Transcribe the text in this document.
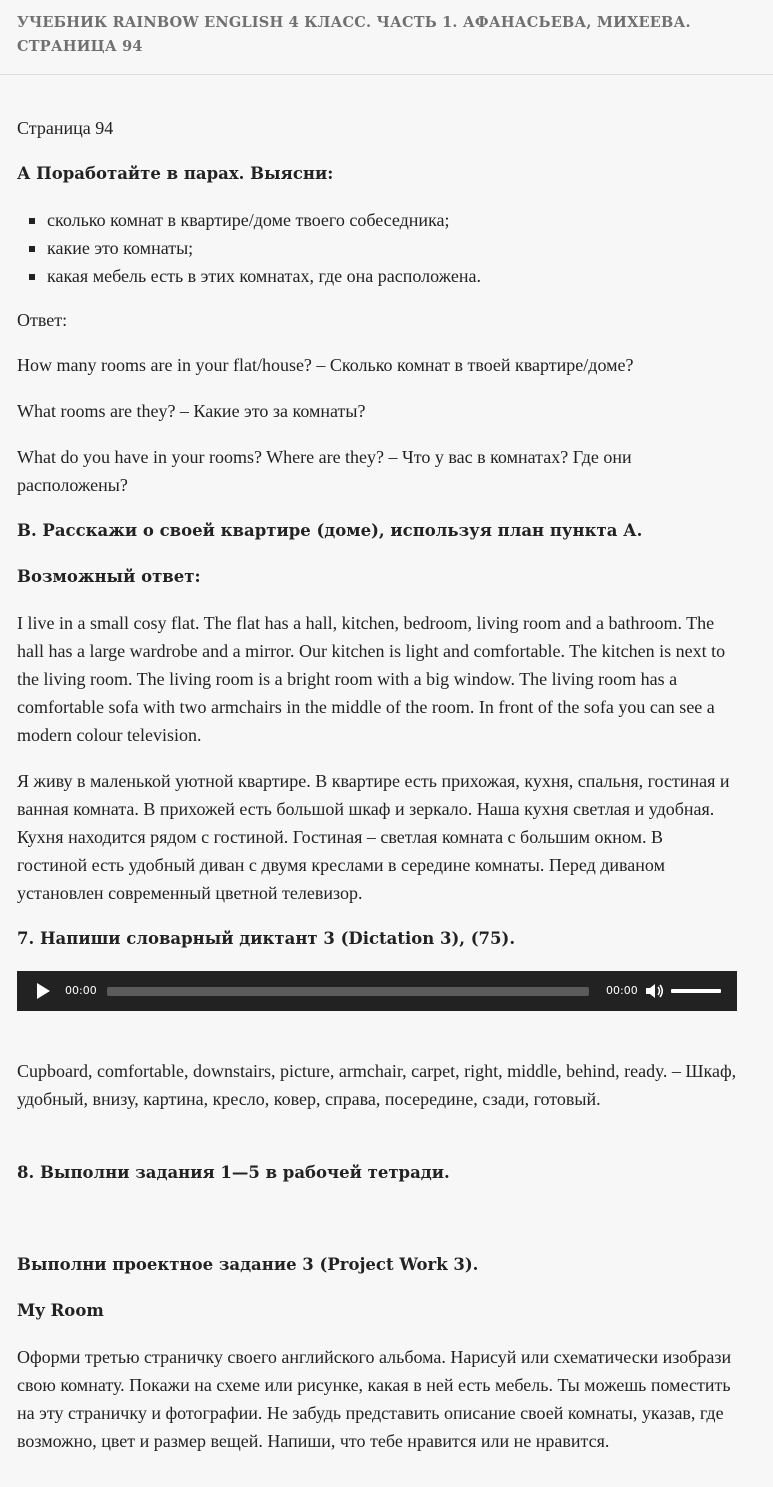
УЧЕБНИК RAINBOW ENGLISH 4 КЛАСС. ЧАСТЬ 1. АФАНАСЬЕВА, МИХЕЕВА. СТРАНИЦА 94

Страница 94

А Поработайте в парах. Выясни:

сколько комнат в квартире/доме твоего собеседника;
какие это комнаты;
какая мебель есть в этих комнатах, где она расположена.

Ответ:

How many rooms are in your flat/house? – Сколько комнат в твоей квартире/доме?

What rooms are they? – Какие это за комнаты?

What do you have in your rooms? Where are they? – Что у вас в комнатах? Где они расположены?

B. Расскажи о своей квартире (доме), используя план пункта А.

Возможный ответ:

I live in a small cosy flat. The flat has a hall, kitchen, bedroom, living room and a bathroom. The hall has a large wardrobe and a mirror. Our kitchen is light and comfortable. The kitchen is next to the living room. The living room is a bright room with a big window. The living room has a comfortable sofa with two armchairs in the middle of the room. In front of the sofa you can see a modern colour television.

Я живу в маленькой уютной квартире. В квартире есть прихожая, кухня, спальня, гостиная и ванная комната. В прихожей есть большой шкаф и зеркало. Наша кухня светлая и удобная. Кухня находится рядом с гостиной. Гостиная – светлая комната с большим окном. В гостиной есть удобный диван с двумя креслами в середине комнаты. Перед диваном установлен современный цветной телевизор.

7. Напиши словарный диктант 3 (Dictation 3), (75).

00:00	00:00

Cupboard, comfortable, downstairs, picture, armchair, carpet, right, middle, behind, ready. – Шкаф, удобный, внизу, картина, кресло, ковер, справа, посередине, сзади, готовый.

8. Выполни задания 1—5 в рабочей тетради.

Выполни проектное задание 3 (Project Work 3).

My Room

Оформи третью страничку своего английского альбома. Нарисуй или схематически изобрази свою комнату. Покажи на схеме или рисунке, какая в ней есть мебель. Ты можешь поместить на эту страничку и фотографии. Не забудь представить описание своей комнаты, указав, где возможно, цвет и размер вещей. Напиши, что тебе нравится или не нравится.
